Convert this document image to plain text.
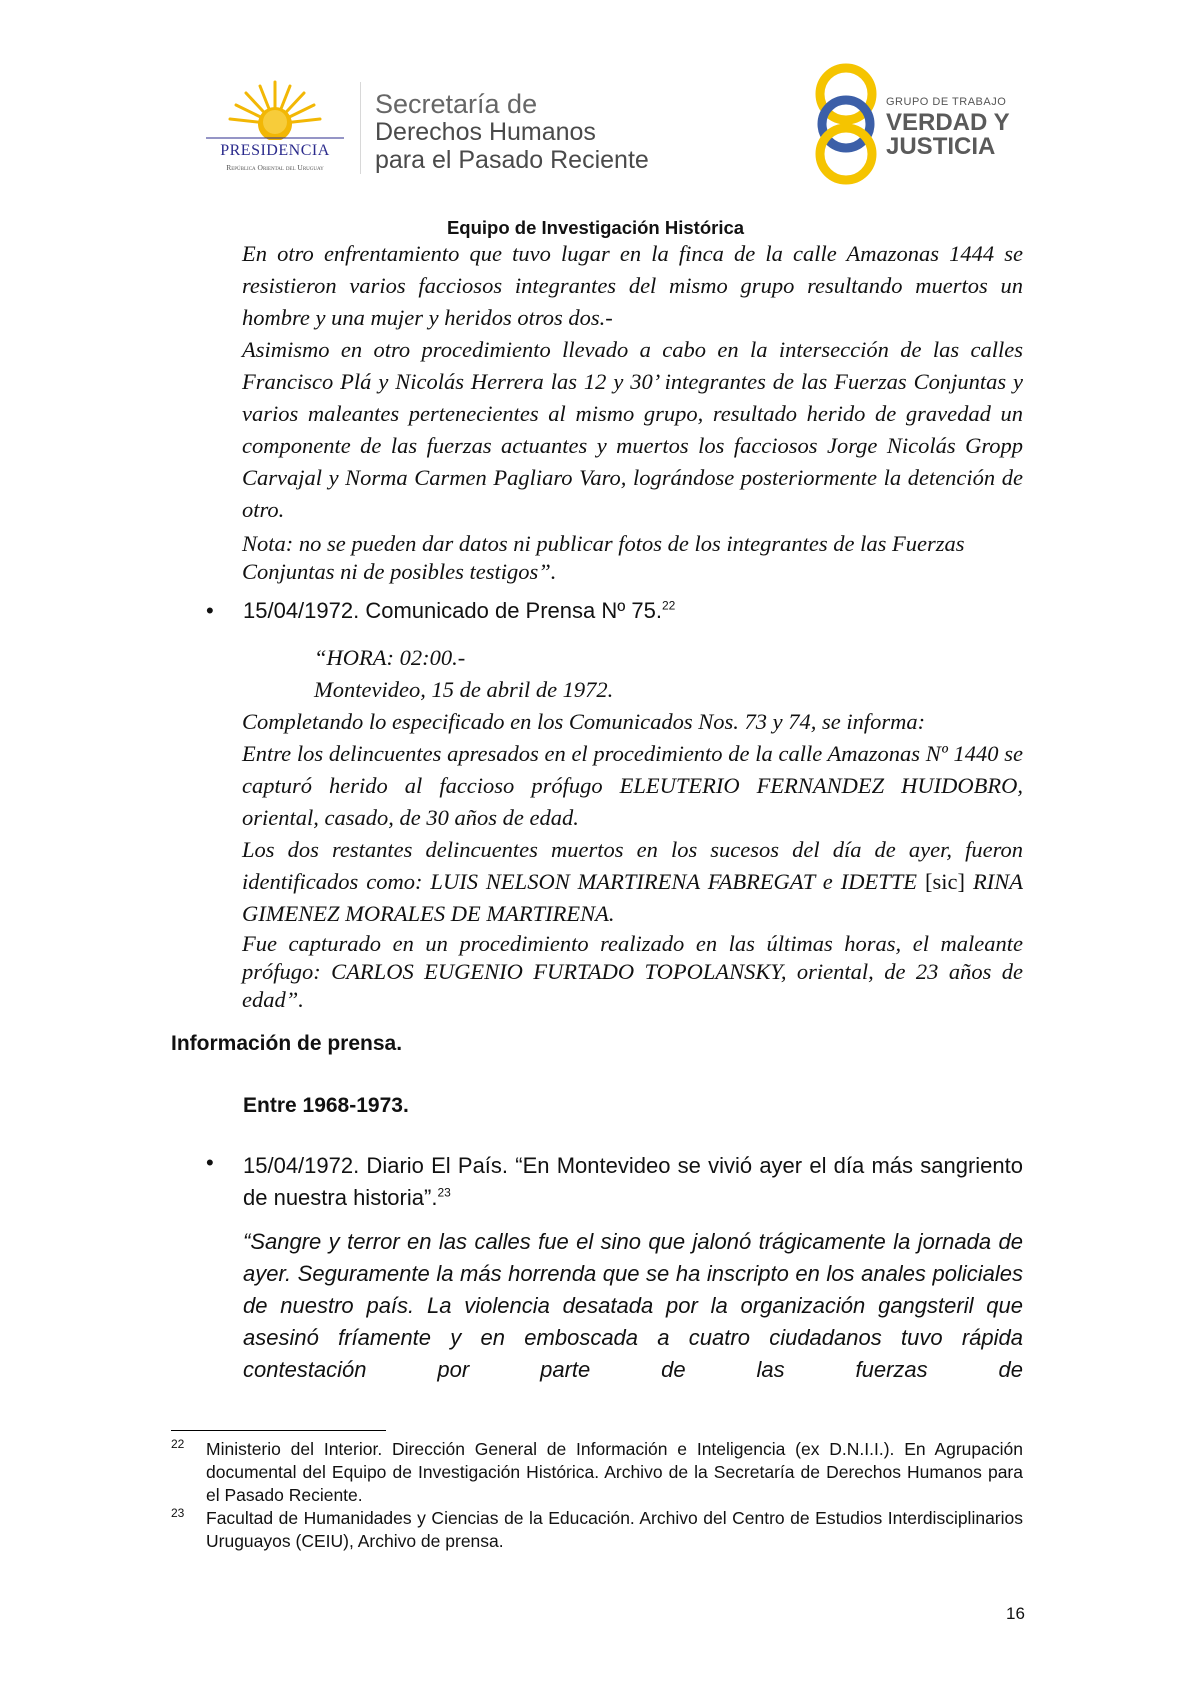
PRESIDENCIA
República Oriental del Uruguay
Secretaría de
Derechos Humanos
para el Pasado Reciente
GRUPO DE TRABAJO
VERDAD Y
JUSTICIA
Equipo de Investigación Histórica
En otro enfrentamiento que tuvo lugar en la finca de la calle Amazonas 1444 se resistieron varios facciosos integrantes del mismo grupo resultando muertos un hombre y una mujer y heridos otros dos.-
Asimismo en otro procedimiento llevado a cabo en la intersección de las calles Francisco Plá y Nicolás Herrera las 12 y 30’ integrantes de las Fuerzas Conjuntas y varios maleantes pertenecientes al mismo grupo, resultado herido de gravedad un componente de las fuerzas actuantes y muertos los facciosos Jorge Nicolás Gropp Carvajal y Norma Carmen Pagliaro Varo, lográndose posteriormente la detención de otro.
Nota: no se pueden dar datos ni publicar fotos de los integrantes de las Fuerzas Conjuntas ni de posibles testigos”.
• 15/04/1972. Comunicado de Prensa Nº 75.22
“HORA: 02:00.-
Montevideo, 15 de abril de 1972.
Completando lo especificado en los Comunicados Nos. 73 y 74, se informa:
Entre los delincuentes apresados en el procedimiento de la calle Amazonas Nº 1440 se capturó herido al faccioso prófugo ELEUTERIO FERNANDEZ HUIDOBRO, oriental, casado, de 30 años de edad.
Los dos restantes delincuentes muertos en los sucesos del día de ayer, fueron identificados como: LUIS NELSON MARTIRENA FABREGAT e IDETTE [sic] RINA GIMENEZ MORALES DE MARTIRENA.
Fue capturado en un procedimiento realizado en las últimas horas, el maleante prófugo: CARLOS EUGENIO FURTADO TOPOLANSKY, oriental, de 23 años de edad”.
Información de prensa.
Entre 1968-1973.
• 15/04/1972. Diario El País. “En Montevideo se vivió ayer el día más sangriento de nuestra historia”.$^{23}$
“Sangre y terror en las calles fue el sino que jalonó trágicamente la jornada de ayer. Seguramente la más horrenda que se ha inscripto en los anales policiales de nuestro país. La violencia desatada por la organización gangsteril que asesinó fríamente y en emboscada a cuatro ciudadanos tuvo rápida contestación por parte de las fuerzas de
22 Ministerio del Interior. Dirección General de Información e Inteligencia (ex D.N.I.I.). En Agrupación documental del Equipo de Investigación Histórica. Archivo de la Secretaría de Derechos Humanos para el Pasado Reciente.
23 Facultad de Humanidades y Ciencias de la Educación. Archivo del Centro de Estudios Interdisciplinarios Uruguayos (CEIU), Archivo de prensa.
16
